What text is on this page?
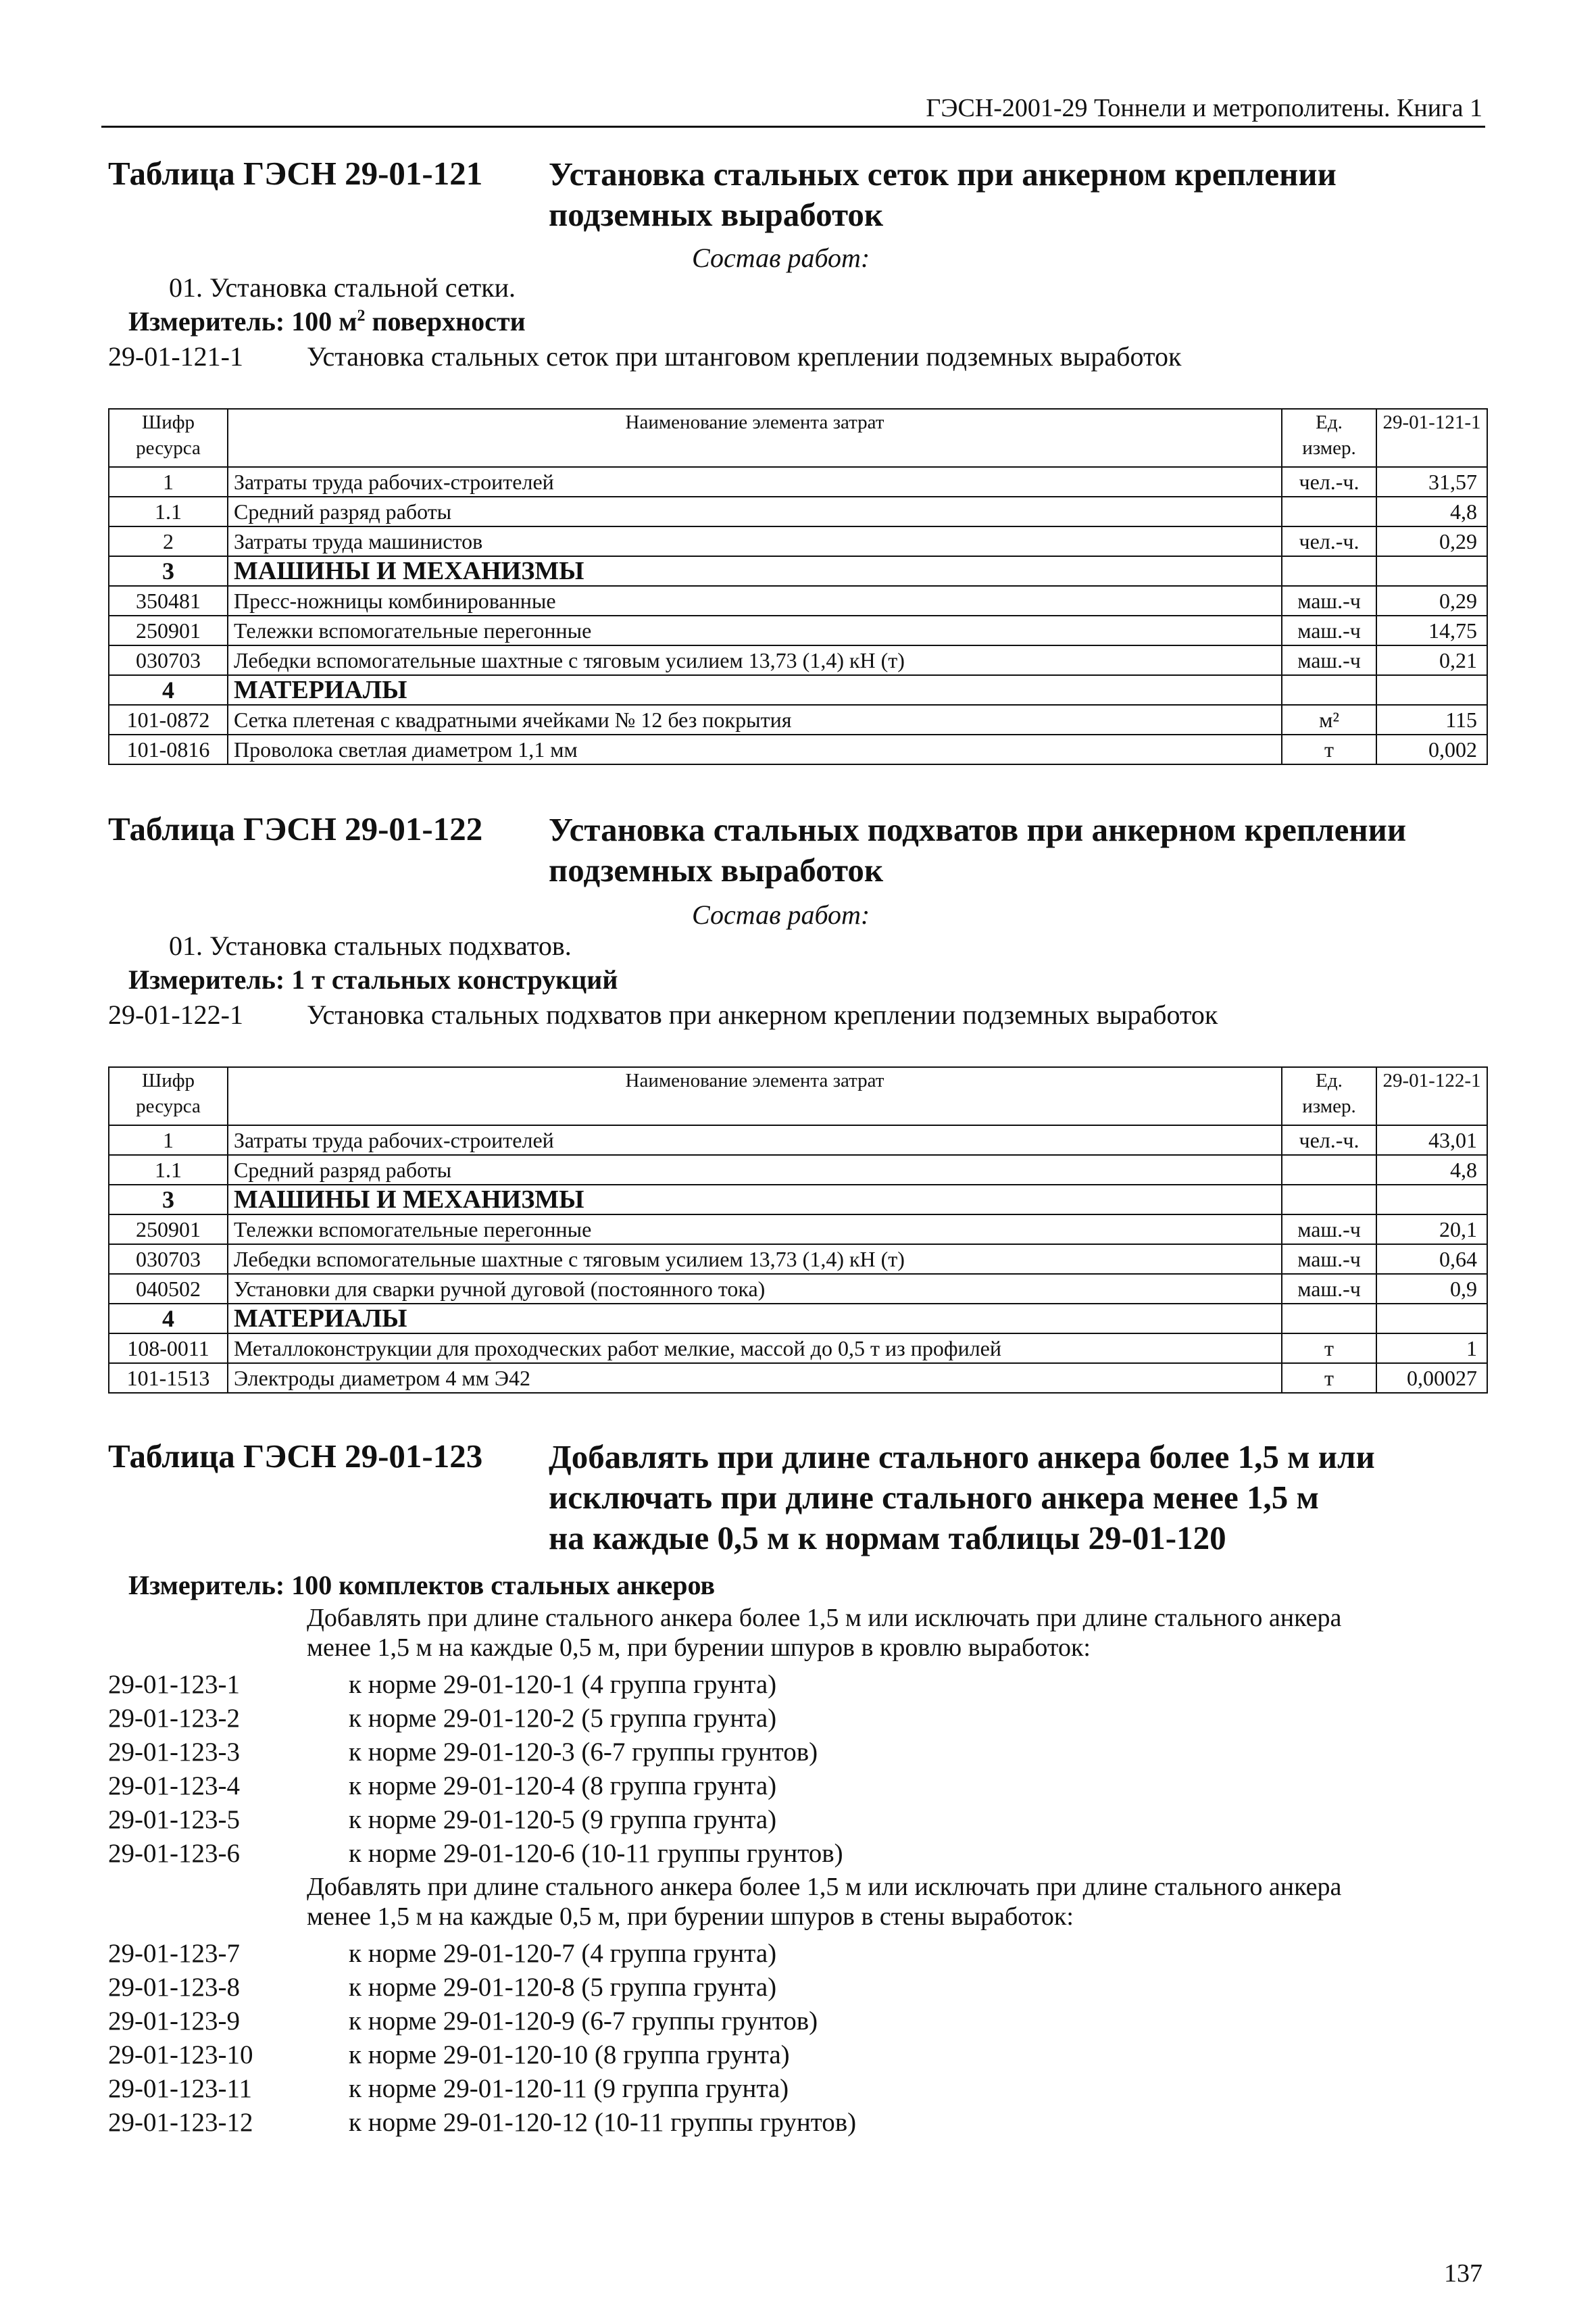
ГЭСН-2001-29 Тоннели и метрополитены. Книга 1
Таблица ГЭСН 29-01-121 Установка стальных сеток при анкерном креплении
подземных выработок
Состав работ:
01. Установка стальной сетки.
Измеритель: 100 $м^2$ поверхности
29-01-121-1 Установка стальных сеток при штанговом креплении подземных выработок
Шифр ресурса	Наименование элемента затрат	Ед. измер.	29-01-121-1
1	Затраты труда рабочих-строителей	чел.-ч.	31,57
1.1	Средний разряд работы		4,8
2	Затраты труда машинистов	чел.-ч.	0,29
3	МАШИНЫ И МЕХАНИЗМЫ		
350481	Пресс-ножницы комбинированные	маш.-ч	0,29
250901	Тележки вспомогательные перегонные	маш.-ч	14,75
030703	Лебедки вспомогательные шахтные с тяговым усилием 13,73 (1,4) кН (т)	маш.-ч	0,21
4	МАТЕРИАЛЫ		
101-0872	Сетка плетеная с квадратными ячейками № 12 без покрытия	м²	115
101-0816	Проволока светлая диаметром 1,1 мм	т	0,002
Таблица ГЭСН 29-01-122 Установка стальных подхватов при анкерном креплении
подземных выработок
Состав работ:
01. Установка стальных подхватов.
Измеритель: 1 т стальных конструкций
29-01-122-1 Установка стальных подхватов при анкерном креплении подземных выработок
Шифр ресурса	Наименование элемента затрат	Ед. измер.	29-01-122-1
1	Затраты труда рабочих-строителей	чел.-ч.	43,01
1.1	Средний разряд работы		4,8
3	МАШИНЫ И МЕХАНИЗМЫ		
250901	Тележки вспомогательные перегонные	маш.-ч	20,1
030703	Лебедки вспомогательные шахтные с тяговым усилием 13,73 (1,4) кН (т)	маш.-ч	0,64
040502	Установки для сварки ручной дуговой (постоянного тока)	маш.-ч	0,9
4	МАТЕРИАЛЫ		
108-0011	Металлоконструкции для проходческих работ мелкие, массой до 0,5 т из профилей	т	1
101-1513	Электроды диаметром 4 мм Э42	т	0,00027
Таблица ГЭСН 29-01-123 Добавлять при длине стального анкера более 1,5 м или
исключать при длине стального анкера менее 1,5 м
на каждые 0,5 м к нормам таблицы 29-01-120
Измеритель: 100 комплектов стальных анкеров
Добавлять при длине стального анкера более 1,5 м или исключать при длине стального анкера
менее 1,5 м на каждые 0,5 м, при бурении шпуров в кровлю выработок:
29-01-123-1	к норме 29-01-120-1 (4 группа грунта)
29-01-123-2	к норме 29-01-120-2 (5 группа грунта)
29-01-123-3	к норме 29-01-120-3 (6-7 группы грунтов)
29-01-123-4	к норме 29-01-120-4 (8 группа грунта)
29-01-123-5	к норме 29-01-120-5 (9 группа грунта)
29-01-123-6	к норме 29-01-120-6 (10-11 группы грунтов)
Добавлять при длине стального анкера более 1,5 м или исключать при длине стального анкера
менее 1,5 м на каждые 0,5 м, при бурении шпуров в стены выработок:
29-01-123-7	к норме 29-01-120-7 (4 группа грунта)
29-01-123-8	к норме 29-01-120-8 (5 группа грунта)
29-01-123-9	к норме 29-01-120-9 (6-7 группы грунтов)
29-01-123-10	к норме 29-01-120-10 (8 группа грунта)
29-01-123-11	к норме 29-01-120-11 (9 группа грунта)
29-01-123-12	к норме 29-01-120-12 (10-11 группы грунтов)
137
